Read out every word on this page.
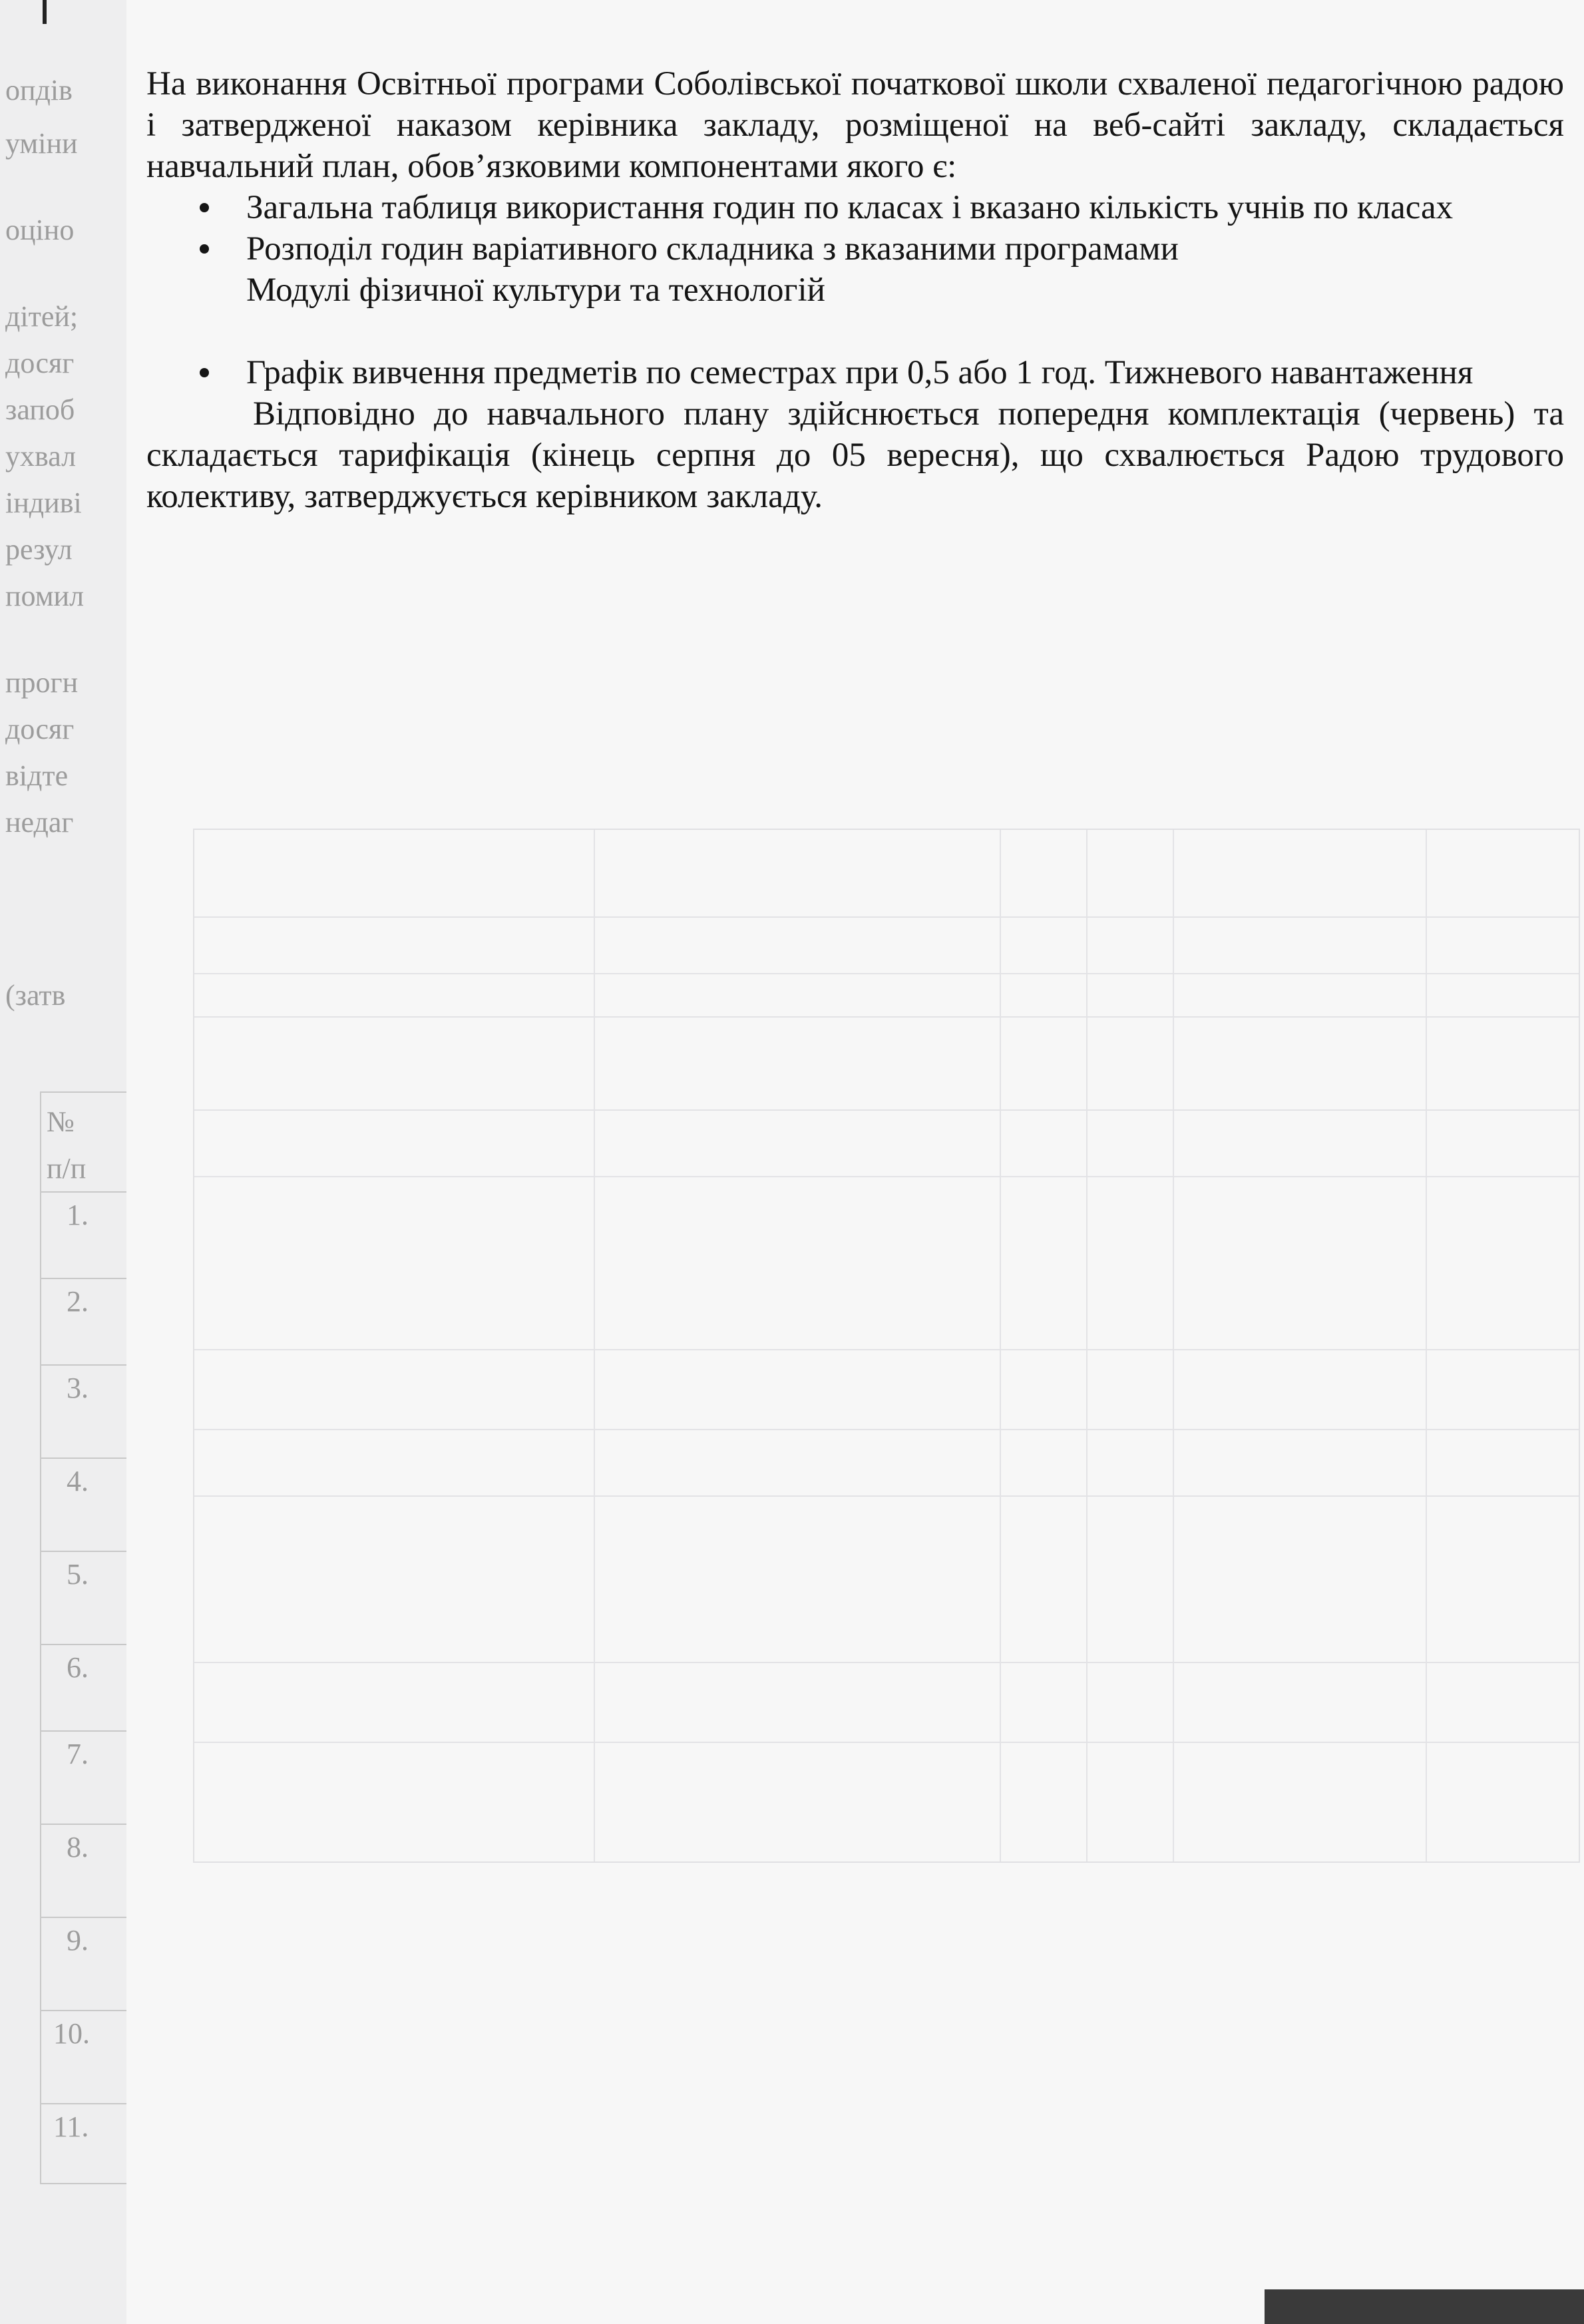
опдів
уміни
оціно
дітей;
досяг
запоб
ухвал
індиві
резул
помил
прогн
досяг
відте
недаг
(затв
№
п/п
1.
2.
3.
4.
5.
6.
7.
8.
9.
10.
11.

На виконання Освітньої програми Соболівської початкової школи схваленої педагогічною радою і затвердженої наказом керівника закладу, розміщеної на веб-сайті закладу, складається навчальний план, обов’язковими компонентами якого є:

Загальна таблиця використання годин по класах і вказано кількість учнів по класах
Розподіл годин варіативного складника з вказаними програмами

Модулі фізичної культури та технологій

Графік вивчення предметів по семестрах при 0,5 або 1 год. Тижневого навантаження

Відповідно до навчального плану здійснюється попередня комплектація (червень) та складається тарифікація (кінець серпня до 05 вересня), що схвалюється Радою трудового колективу, затверджується керівником закладу.
